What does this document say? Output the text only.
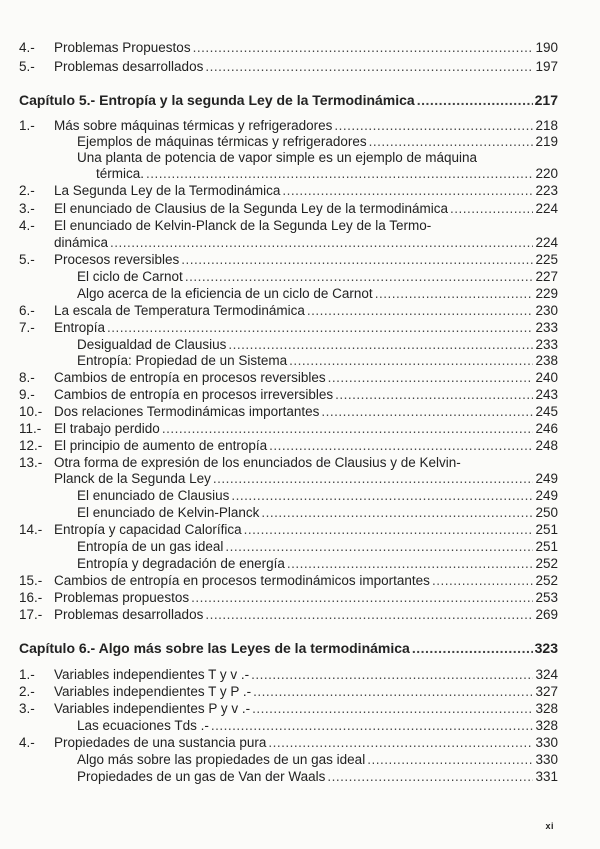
4.- Problemas Propuestos .....	190
5.- Problemas desarrollados .....	197
Capítulo 5.- Entropía y la segunda Ley de la Termodinámica .....	217
1.- Más sobre máquinas térmicas y refrigeradores .....	218
Ejemplos de máquinas térmicas y refrigeradores .....	219
Una planta de potencia de vapor simple es un ejemplo de máquina
térmica. .....	220
2.- La Segunda Ley de la Termodinámica .....	223
3.- El enunciado de Clausius de la Segunda Ley de la termodinámica .....	224
4.- El enunciado de Kelvin-Planck de la Segunda Ley de la Termo-
dinámica .....	224
5.- Procesos reversibles .....	225
El ciclo de Carnot .....	227
Algo acerca de la eficiencia de un ciclo de Carnot .....	229
6.- La escala de Temperatura Termodinámica .....	230
7.- Entropía .....	233
Desigualdad de Clausius .....	233
Entropía: Propiedad de un Sistema .....	238
8.- Cambios de entropía en procesos reversibles .....	240
9.- Cambios de entropía en procesos irreversibles .....	243
10.- Dos relaciones Termodinámicas importantes .....	245
11.- El trabajo perdido .....	246
12.- El principio de aumento de entropía .....	248
13.- Otra forma de expresión de los enunciados de Clausius y de Kelvin-
Planck de la Segunda Ley .....	249
El enunciado de Clausius .....	249
El enunciado de Kelvin-Planck .....	250
14.- Entropía y capacidad Calorífica .....	251
Entropía de un gas ideal .....	251
Entropía y degradación de energía .....	252
15.- Cambios de entropía en procesos termodinámicos importantes .....	252
16.- Problemas propuestos .....	253
17.- Problemas desarrollados .....	269
Capítulo 6.- Algo más sobre las Leyes de la termodinámica .....	323
1.- Variables independientes T y v .- .....	324
2.- Variables independientes T y P .- .....	327
3.- Variables independientes P y v .- .....	328
Las ecuaciones Tds .- .....	328
4.- Propiedades de una sustancia pura .....	330
Algo más sobre las propiedades de un gas ideal .....	330
Propiedades de un gas de Van der Waals .....	331
xi
